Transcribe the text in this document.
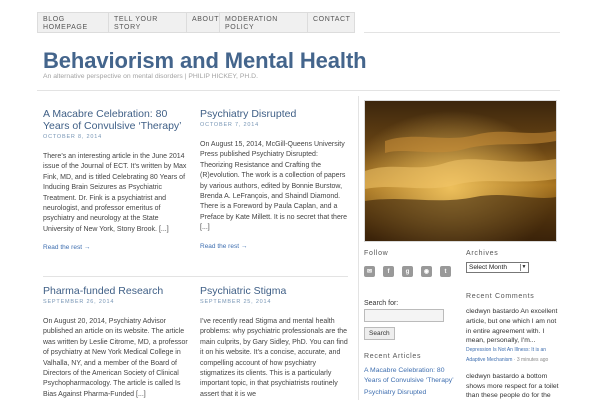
BLOG HOMEPAGE
TELL YOUR STORY
ABOUT MODERATION POLICY
CONTACT
Behaviorism and Mental Health
An alternative perspective on mental disorders | PHILIP HICKEY, PH.D.
A Macabre Celebration: 80 Years of Convulsive ‘Therapy’
OCTOBER 8, 2014
There’s an interesting article in the June 2014 issue of the Journal of ECT. It’s written by Max Fink, MD, and is titled Celebrating 80 Years of Inducing Brain Seizures as Psychiatric Treatment. Dr. Fink is a psychiatrist and neurologist, and professor emeritus of psychiatry and neurology at the State University of New York, Stony Brook. [...]
Read the rest →
Psychiatry Disrupted
OCTOBER 7, 2014
On August 15, 2014, McGill-Queens University Press published Psychiatry Disrupted: Theorizing Resistance and Crafting the (R)evolution. The work is a collection of papers by various authors, edited by Bonnie Burstow, Brenda A. LeFrançois, and Shaindl Diamond. There is a Foreword by Paula Caplan, and a Preface by Kate Millett. It is no secret that there [...]
Read the rest →
Pharma-funded Research
SEPTEMBER 26, 2014
On August 20, 2014, Psychiatry Advisor published an article on its website. The article was written by Leslie Citrome, MD, a professor of psychiatry at New York Medical College in Valhalla, NY, and a member of the Board of Directors of the American Society of Clinical Psychopharmacology. The article is called Is Bias Against Pharma-Funded [...]
Psychiatric Stigma
SEPTEMBER 25, 2014
I’ve recently read Stigma and mental health problems: why psychiatric professionals are the main culprits, by Gary Sidley, PhD. You can find it on his website. It’s a concise, accurate, and compelling account of how psychiatry stigmatizes its clients. This is a particularly important topic, in that psychiatrists routinely assert that it is we
Follow
✉	f	g	◉	t
Search for:
Search
Recent Articles
A Macabre Celebration: 80 Years of Convulsive ‘Therapy’
Psychiatry Disrupted
Archives
Select Month	▼
Recent Comments
cledwyn bastardo An excellent article, but one which I am not in entire agreement with. I mean, personally, I'm...
Depression Is Not An Illness: It is an Adaptive Mechanism · 3 minutes ago
cledwyn bastardo a bottom shows more respect for a toilet than these people do for the
